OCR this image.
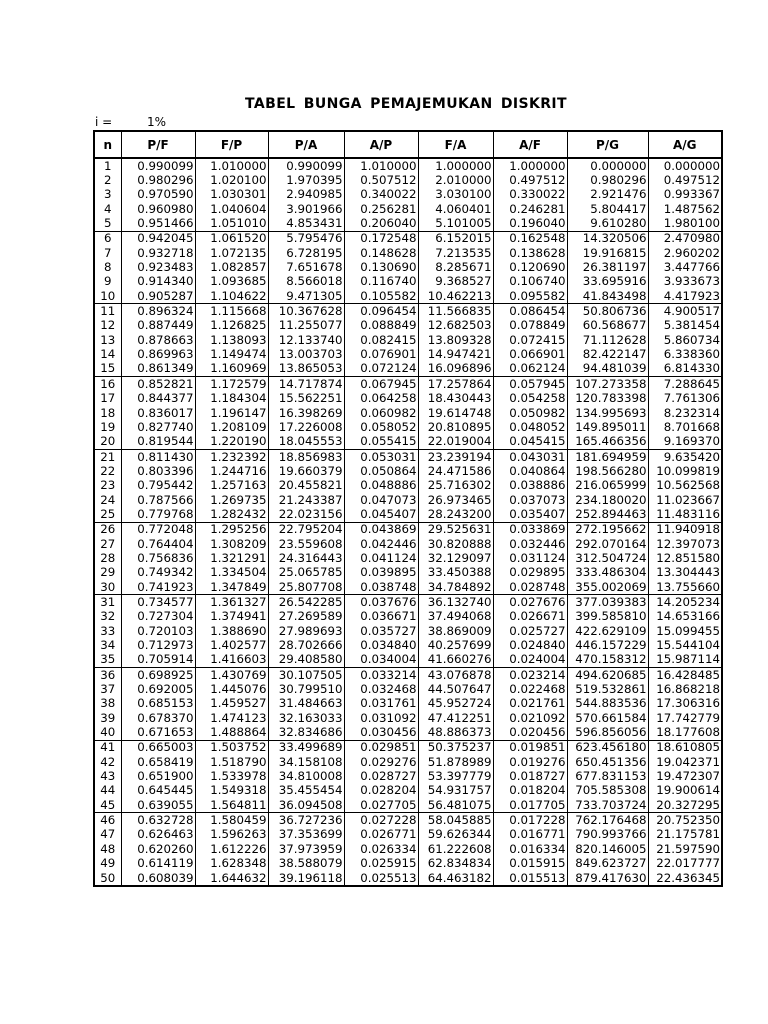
TABEL BUNGA PEMAJEMUKAN DISKRIT
i =	1%
n	P/F	F/P	P/A	A/P	F/A	A/F	P/G	A/G
1	0.990099	1.010000	0.990099	1.010000	1.000000	1.000000	0.000000	0.000000
2	0.980296	1.020100	1.970395	0.507512	2.010000	0.497512	0.980296	0.497512
3	0.970590	1.030301	2.940985	0.340022	3.030100	0.330022	2.921476	0.993367
4	0.960980	1.040604	3.901966	0.256281	4.060401	0.246281	5.804417	1.487562
5	0.951466	1.051010	4.853431	0.206040	5.101005	0.196040	9.610280	1.980100
6	0.942045	1.061520	5.795476	0.172548	6.152015	0.162548	14.320506	2.470980
7	0.932718	1.072135	6.728195	0.148628	7.213535	0.138628	19.916815	2.960202
8	0.923483	1.082857	7.651678	0.130690	8.285671	0.120690	26.381197	3.447766
9	0.914340	1.093685	8.566018	0.116740	9.368527	0.106740	33.695916	3.933673
10	0.905287	1.104622	9.471305	0.105582	10.462213	0.095582	41.843498	4.417923
11	0.896324	1.115668	10.367628	0.096454	11.566835	0.086454	50.806736	4.900517
12	0.887449	1.126825	11.255077	0.088849	12.682503	0.078849	60.568677	5.381454
13	0.878663	1.138093	12.133740	0.082415	13.809328	0.072415	71.112628	5.860734
14	0.869963	1.149474	13.003703	0.076901	14.947421	0.066901	82.422147	6.338360
15	0.861349	1.160969	13.865053	0.072124	16.096896	0.062124	94.481039	6.814330
16	0.852821	1.172579	14.717874	0.067945	17.257864	0.057945	107.273358	7.288645
17	0.844377	1.184304	15.562251	0.064258	18.430443	0.054258	120.783398	7.761306
18	0.836017	1.196147	16.398269	0.060982	19.614748	0.050982	134.995693	8.232314
19	0.827740	1.208109	17.226008	0.058052	20.810895	0.048052	149.895011	8.701668
20	0.819544	1.220190	18.045553	0.055415	22.019004	0.045415	165.466356	9.169370
21	0.811430	1.232392	18.856983	0.053031	23.239194	0.043031	181.694959	9.635420
22	0.803396	1.244716	19.660379	0.050864	24.471586	0.040864	198.566280	10.099819
23	0.795442	1.257163	20.455821	0.048886	25.716302	0.038886	216.065999	10.562568
24	0.787566	1.269735	21.243387	0.047073	26.973465	0.037073	234.180020	11.023667
25	0.779768	1.282432	22.023156	0.045407	28.243200	0.035407	252.894463	11.483116
26	0.772048	1.295256	22.795204	0.043869	29.525631	0.033869	272.195662	11.940918
27	0.764404	1.308209	23.559608	0.042446	30.820888	0.032446	292.070164	12.397073
28	0.756836	1.321291	24.316443	0.041124	32.129097	0.031124	312.504724	12.851580
29	0.749342	1.334504	25.065785	0.039895	33.450388	0.029895	333.486304	13.304443
30	0.741923	1.347849	25.807708	0.038748	34.784892	0.028748	355.002069	13.755660
31	0.734577	1.361327	26.542285	0.037676	36.132740	0.027676	377.039383	14.205234
32	0.727304	1.374941	27.269589	0.036671	37.494068	0.026671	399.585810	14.653166
33	0.720103	1.388690	27.989693	0.035727	38.869009	0.025727	422.629109	15.099455
34	0.712973	1.402577	28.702666	0.034840	40.257699	0.024840	446.157229	15.544104
35	0.705914	1.416603	29.408580	0.034004	41.660276	0.024004	470.158312	15.987114
36	0.698925	1.430769	30.107505	0.033214	43.076878	0.023214	494.620685	16.428485
37	0.692005	1.445076	30.799510	0.032468	44.507647	0.022468	519.532861	16.868218
38	0.685153	1.459527	31.484663	0.031761	45.952724	0.021761	544.883536	17.306316
39	0.678370	1.474123	32.163033	0.031092	47.412251	0.021092	570.661584	17.742779
40	0.671653	1.488864	32.834686	0.030456	48.886373	0.020456	596.856056	18.177608
41	0.665003	1.503752	33.499689	0.029851	50.375237	0.019851	623.456180	18.610805
42	0.658419	1.518790	34.158108	0.029276	51.878989	0.019276	650.451356	19.042371
43	0.651900	1.533978	34.810008	0.028727	53.397779	0.018727	677.831153	19.472307
44	0.645445	1.549318	35.455454	0.028204	54.931757	0.018204	705.585308	19.900614
45	0.639055	1.564811	36.094508	0.027705	56.481075	0.017705	733.703724	20.327295
46	0.632728	1.580459	36.727236	0.027228	58.045885	0.017228	762.176468	20.752350
47	0.626463	1.596263	37.353699	0.026771	59.626344	0.016771	790.993766	21.175781
48	0.620260	1.612226	37.973959	0.026334	61.222608	0.016334	820.146005	21.597590
49	0.614119	1.628348	38.588079	0.025915	62.834834	0.015915	849.623727	22.017777
50	0.608039	1.644632	39.196118	0.025513	64.463182	0.015513	879.417630	22.436345
